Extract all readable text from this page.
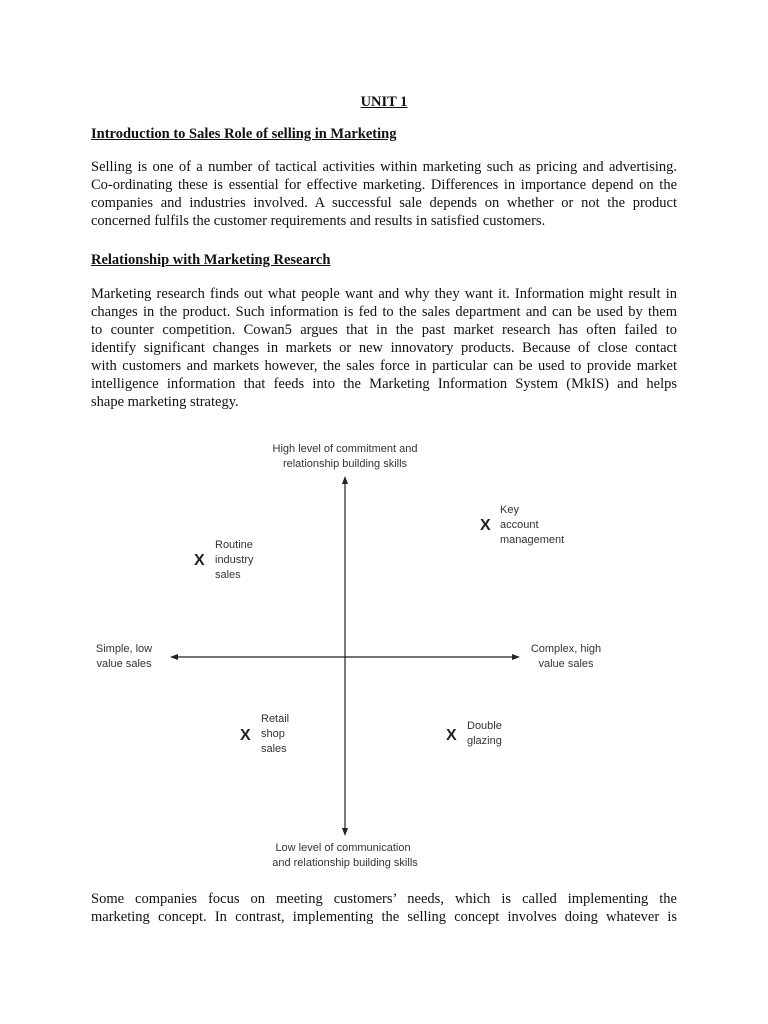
UNIT 1
Introduction to Sales Role of selling in Marketing
Selling is one of a number of tactical activities within marketing such as pricing and advertising.
Co-ordinating these is essential for effective marketing. Differences in importance depend on the
companies and industries involved. A successful sale depends on whether or not the product
concerned fulfils the customer requirements and results in satisfied customers.
Relationship with Marketing Research
Marketing research finds out what people want and why they want it. Information might result in
changes in the product. Such information is fed to the sales department and can be used by them
to counter competition. Cowan5 argues that in the past market research has often failed to
identify significant changes in markets or new innovatory products. Because of close contact
with customers and markets however, the sales force in particular can be used to provide market
intelligence information that feeds into the Marketing Information System (MkIS) and helps
shape marketing strategy.
High level of commitment and
relationship building skills
Low level of communication
and relationship building skills
Simple, low
value sales
Complex, high
value sales
X
Key
account
management
X
Routine
industry
sales
X
Retail
shop
sales
X
Double
glazing
Some companies focus on meeting customers’ needs, which is called implementing the
marketing concept. In contrast, implementing the selling concept involves doing whatever is
